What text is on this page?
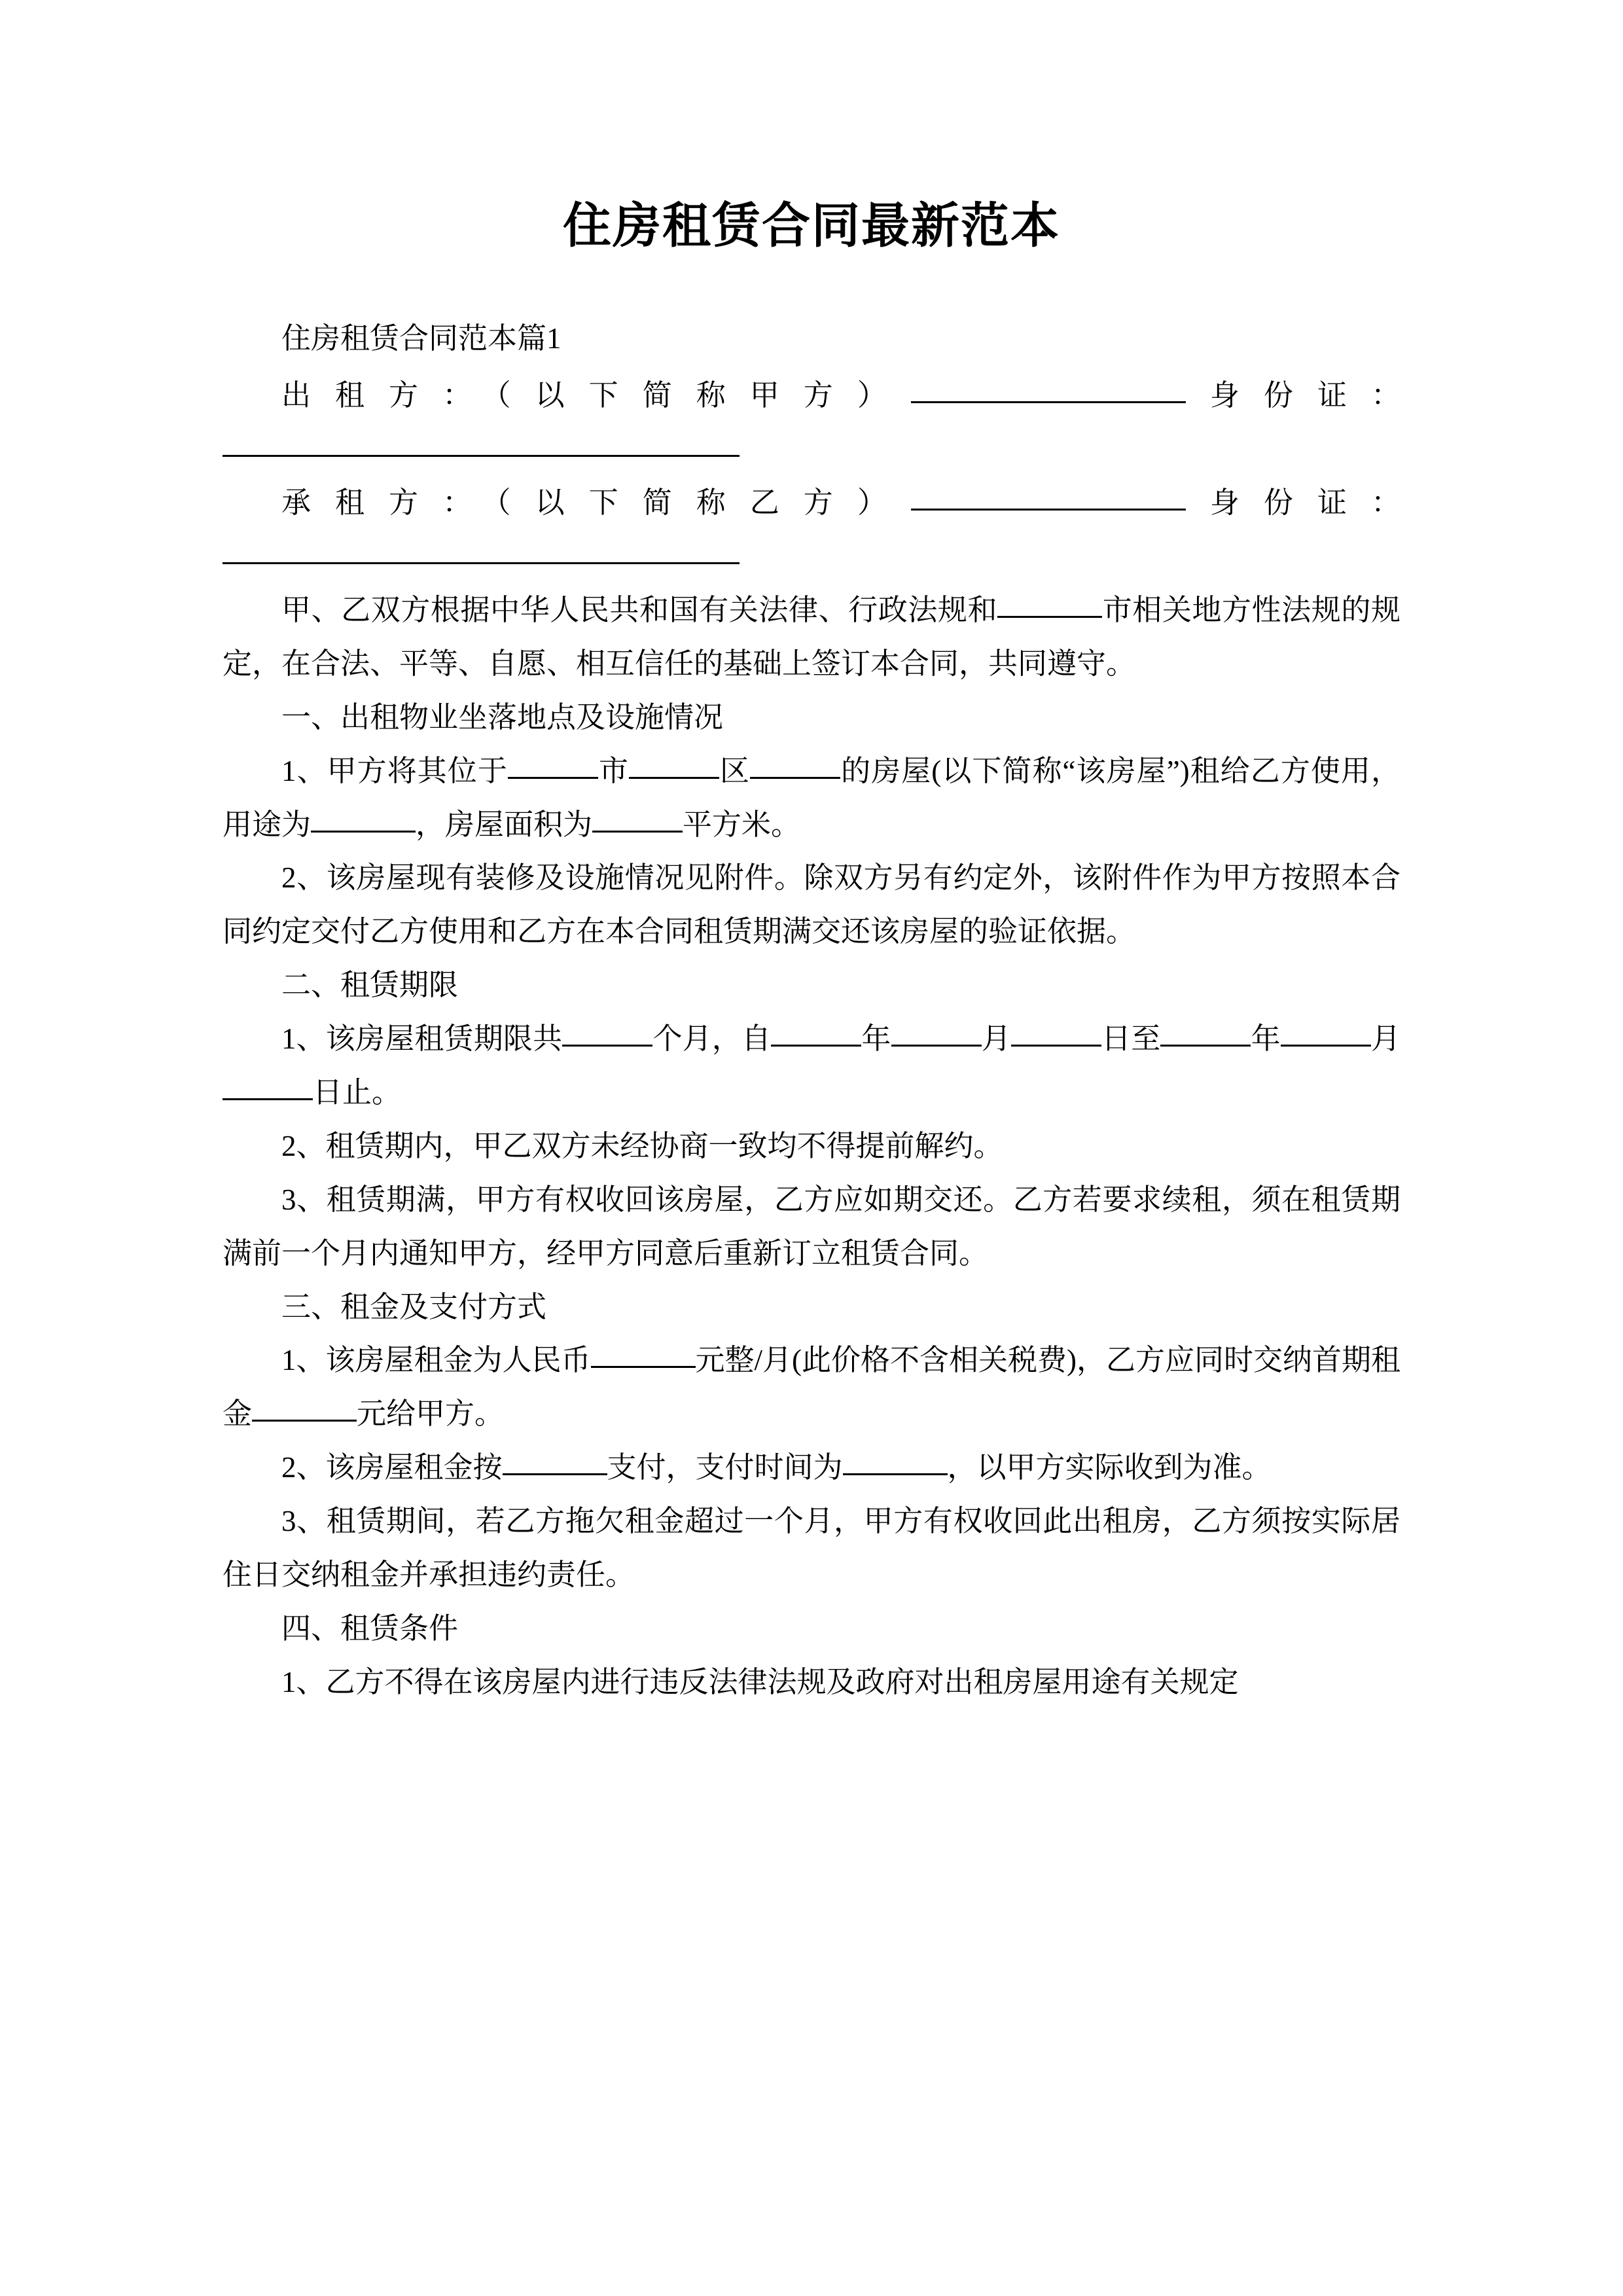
住房租赁合同最新范本

住房租赁合同范本篇1

出租方：（以下简称甲方）	身份证：

承租方：（以下简称乙方）	身份证：

甲、乙双方根据中华人民共和国有关法律、行政法规和	市相关地方性法规的规定，在合法、平等、自愿、相互信任的基础上签订本合同，共同遵守。

一、出租物业坐落地点及设施情况

1、甲方将其位于	市	区	的房屋(以下简称“该房屋”)租给乙方使用，用途为	，房屋面积为	平方米。

2、该房屋现有装修及设施情况见附件。除双方另有约定外，该附件作为甲方按照本合同约定交付乙方使用和乙方在本合同租赁期满交还该房屋的验证依据。

二、租赁期限

1、该房屋租赁期限共	个月，自	年	月	日至	年	月日止。

2、租赁期内，甲乙双方未经协商一致均不得提前解约。

3、租赁期满，甲方有权收回该房屋，乙方应如期交还。乙方若要求续租，须在租赁期满前一个月内通知甲方，经甲方同意后重新订立租赁合同。

三、租金及支付方式

1、该房屋租金为人民币	元整/月(此价格不含相关税费)，乙方应同时交纳首期租金	元给甲方。

2、该房屋租金按	支付，支付时间为	，以甲方实际收到为准。

3、租赁期间，若乙方拖欠租金超过一个月，甲方有权收回此出租房，乙方须按实际居住日交纳租金并承担违约责任。

四、租赁条件

1、乙方不得在该房屋内进行违反法律法规及政府对出租房屋用途有关规定
